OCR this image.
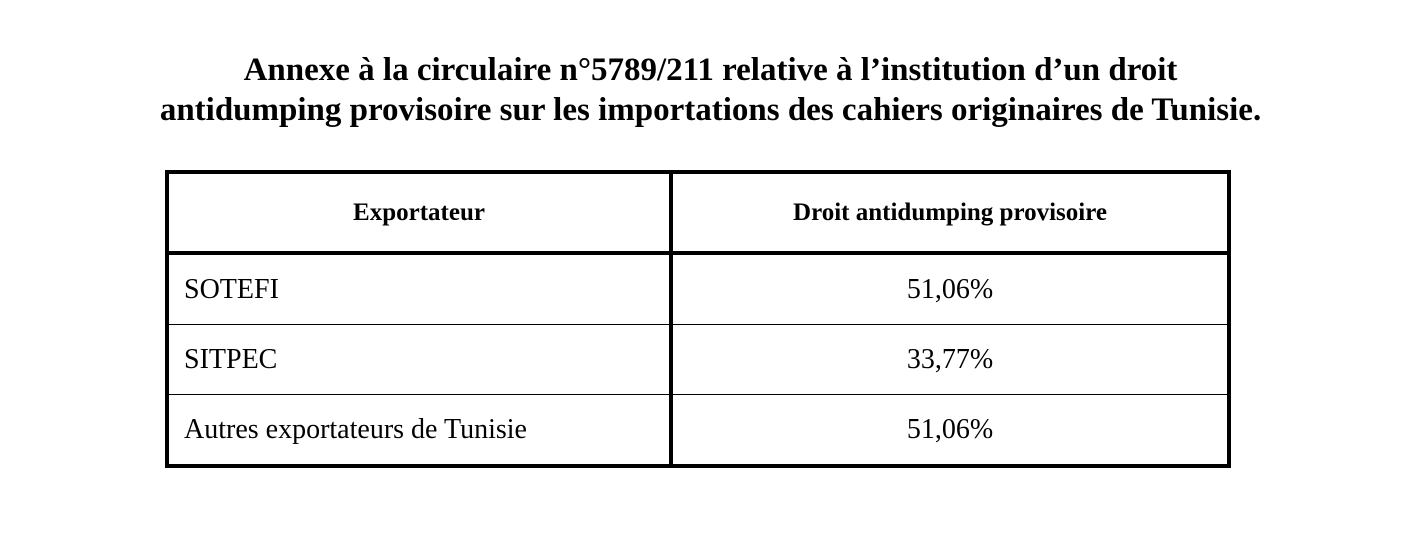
Annexe à la circulaire n°5789/211 relative à l’institution d’un droit
antidumping provisoire sur les importations des cahiers originaires de Tunisie.
Exportateur	Droit antidumping provisoire
SOTEFI	51,06%
SITPEC	33,77%
Autres exportateurs de Tunisie	51,06%
